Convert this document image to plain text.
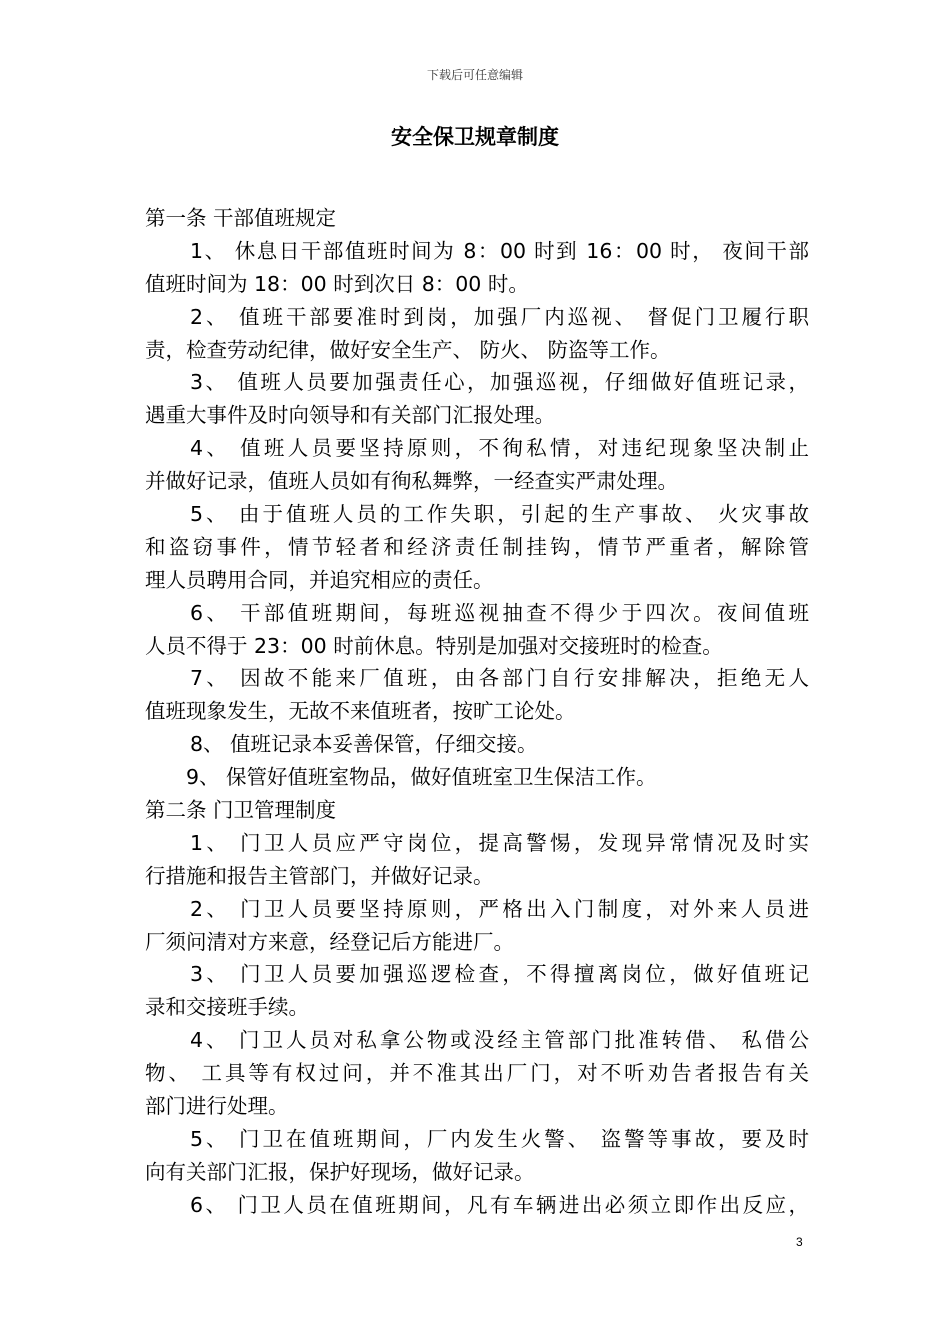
下载后可任意编辑
安全保卫规章制度
第一条 干部值班规定
1、 休息日干部值班时间为 8：00 时到 16：00 时， 夜间干部
值班时间为 18：00 时到次日 8：00 时。
2、 值班干部要准时到岗，加强厂内巡视、 督促门卫履行职
责，检查劳动纪律，做好安全生产、 防火、 防盗等工作。
3、 值班人员要加强责任心，加强巡视，仔细做好值班记录，
遇重大事件及时向领导和有关部门汇报处理。
4、 值班人员要坚持原则，不徇私情，对违纪现象坚决制止
并做好记录，值班人员如有徇私舞弊，一经查实严肃处理。
5、 由于值班人员的工作失职，引起的生产事故、 火灾事故
和盗窃事件，情节轻者和经济责任制挂钩，情节严重者，解除管
理人员聘用合同，并追究相应的责任。
6、 干部值班期间，每班巡视抽查不得少于四次。夜间值班
人员不得于 23：00 时前休息。特别是加强对交接班时的检查。
7、 因故不能来厂值班，由各部门自行安排解决，拒绝无人
值班现象发生，无故不来值班者，按旷工论处。
8、 值班记录本妥善保管，仔细交接。
9、 保管好值班室物品，做好值班室卫生保洁工作。
第二条 门卫管理制度
1、 门卫人员应严守岗位，提高警惕，发现异常情况及时实
行措施和报告主管部门，并做好记录。
2、 门卫人员要坚持原则，严格出入门制度，对外来人员进
厂须问清对方来意，经登记后方能进厂。
3、 门卫人员要加强巡逻检查，不得擅离岗位，做好值班记
录和交接班手续。
4、 门卫人员对私拿公物或没经主管部门批准转借、 私借公
物、 工具等有权过问，并不准其出厂门，对不听劝告者报告有关
部门进行处理。
5、 门卫在值班期间，厂内发生火警、 盗警等事故，要及时
向有关部门汇报，保护好现场，做好记录。
6、 门卫人员在值班期间，凡有车辆进出必须立即作出反应，
3
